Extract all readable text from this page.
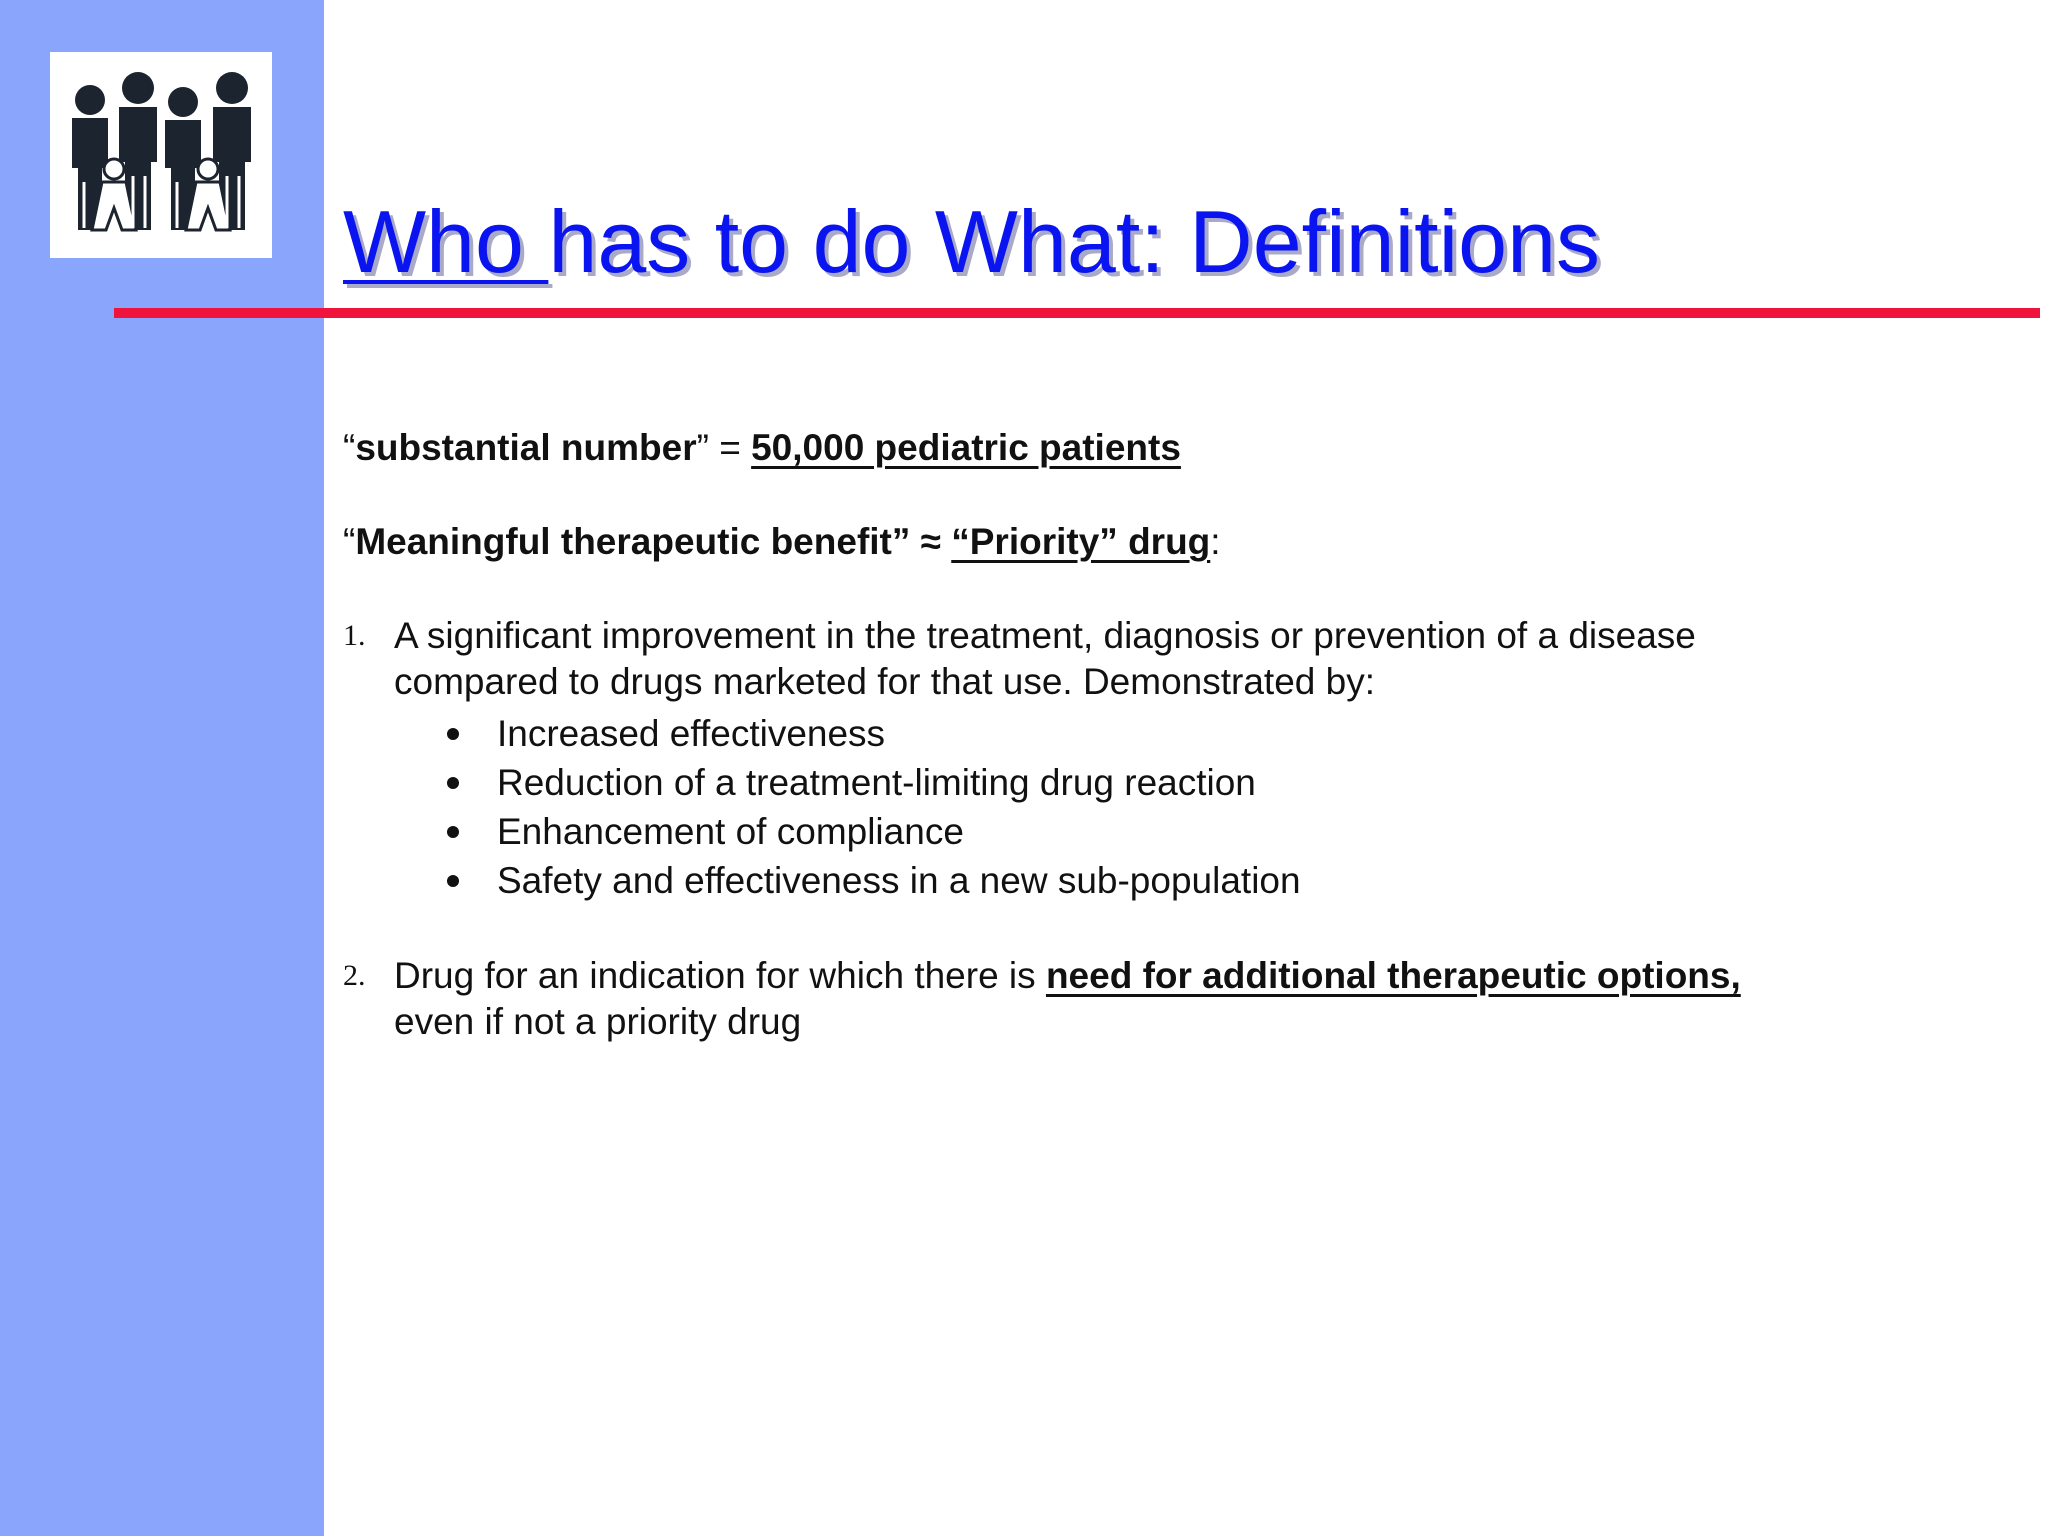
Who has to do What: Definitions
“substantial number” = 50,000 pediatric patients
“Meaningful therapeutic benefit” ≈ “Priority” drug:
1. A significant improvement in the treatment, diagnosis or prevention of a disease
compared to drugs marketed for that use. Demonstrated by:
Increased effectiveness
Reduction of a treatment-limiting drug reaction
Enhancement of compliance
Safety and effectiveness in a new sub-population
2. Drug for an indication for which there is need for additional therapeutic options,
even if not a priority drug
